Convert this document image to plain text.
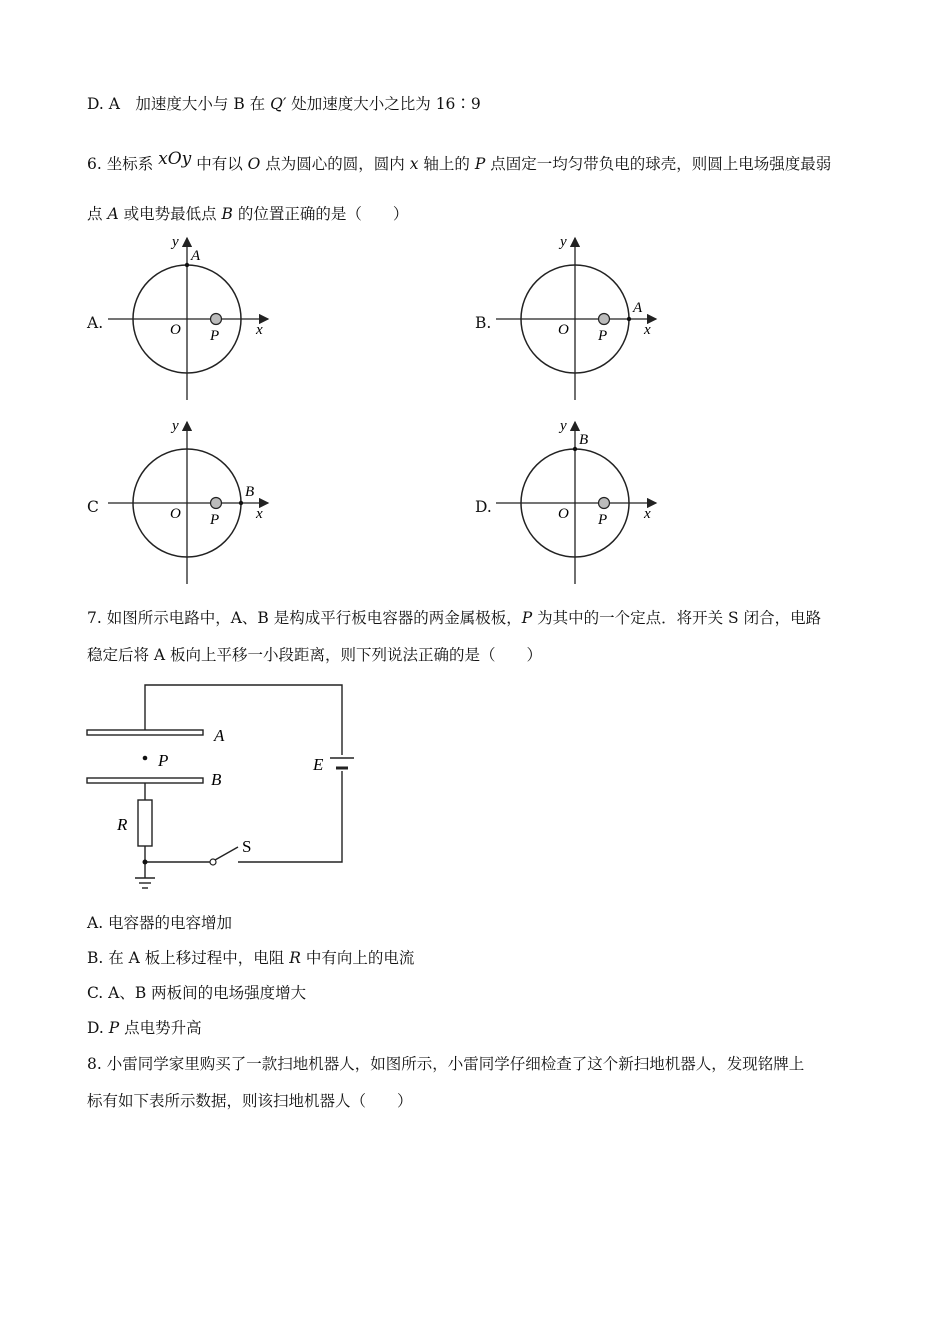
D. A　加速度大小与 B 在 Q′ 处加速度大小之比为 16∶9
6. 坐标系 xOy 中有以 O 点为圆心的圆，圆内 x 轴上的 P 点固定一均匀带负电的球壳，则圆上电场强度最弱
点 A 或电势最低点 B 的位置正确的是（　　）
A.	B.
C	D.
A
O P x
y
A
O P x
y
B
O P x
y
B
O P x
y
7. 如图所示电路中，A、B 是构成平行板电容器的两金属极板，P 为其中的一个定点．将开关 S 闭合，电路
稳定后将 A 板向上平移一小段距离，则下列说法正确的是（　　）
A
B
P
R
E
S
A. 电容器的电容增加
B. 在 A 板上移过程中，电阻 R 中有向上的电流
C. A、B 两板间的电场强度增大
D. P 点电势升高
8. 小雷同学家里购买了一款扫地机器人，如图所示，小雷同学仔细检查了这个新扫地机器人，发现铭牌上
标有如下表所示数据，则该扫地机器人（　　）
